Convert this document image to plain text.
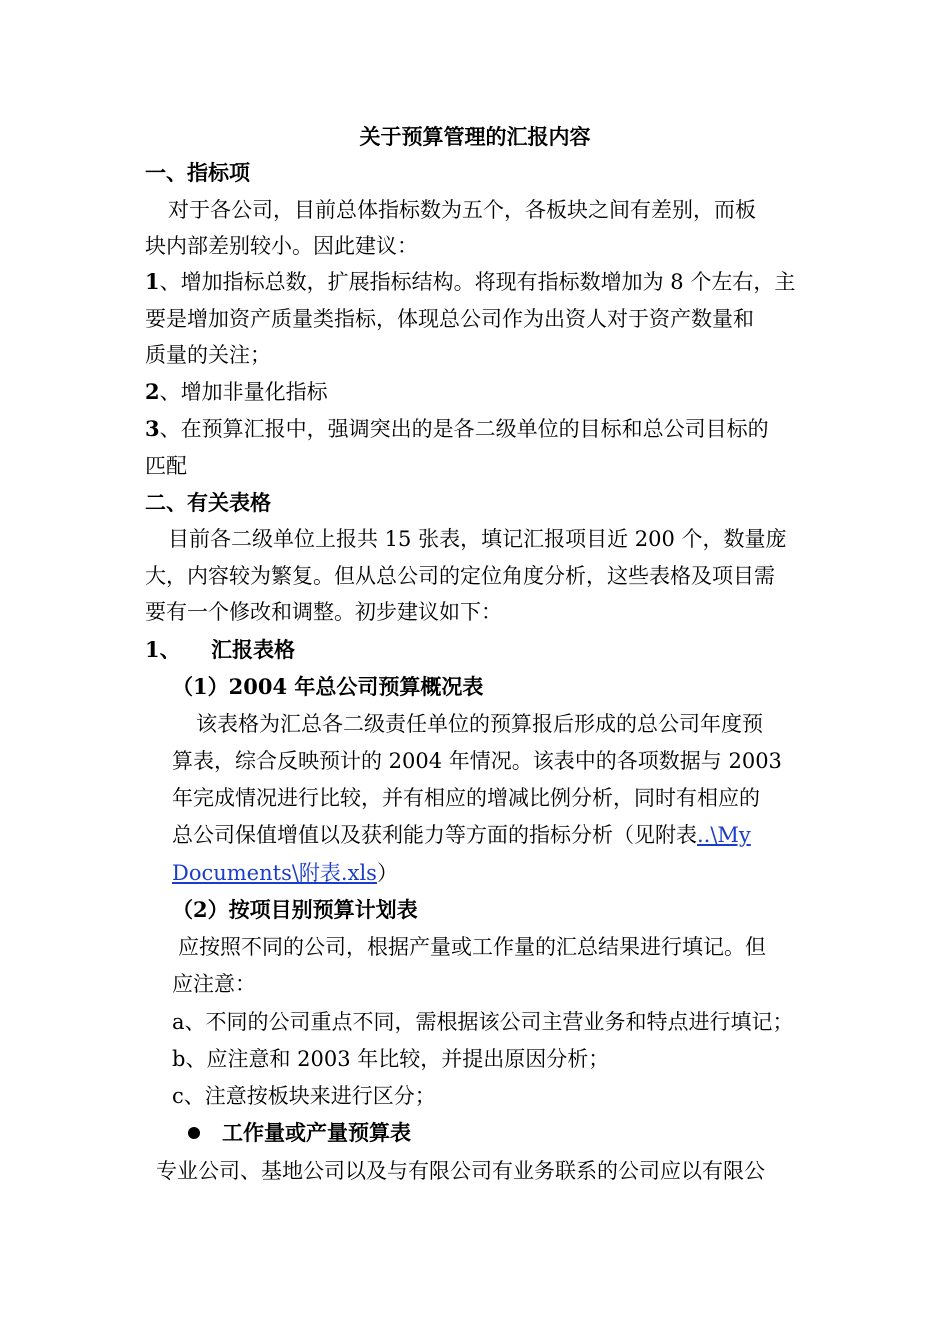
关于预算管理的汇报内容
一、指标项
对于各公司，目前总体指标数为五个，各板块之间有差别，而板
块内部差别较小。因此建议：
1、增加指标总数，扩展指标结构。将现有指标数增加为 8 个左右，主
要是增加资产质量类指标，体现总公司作为出资人对于资产数量和
质量的关注；
2、增加非量化指标
3、在预算汇报中，强调突出的是各二级单位的目标和总公司目标的
匹配
二、有关表格
目前各二级单位上报共 15 张表，填记汇报项目近 200 个，数量庞
大，内容较为繁复。但从总公司的定位角度分析，这些表格及项目需
要有一个修改和调整。初步建议如下：
1、 汇报表格
（1）2004 年总公司预算概况表
该表格为汇总各二级责任单位的预算报后形成的总公司年度预
算表，综合反映预计的 2004 年情况。该表中的各项数据与 2003
年完成情况进行比较，并有相应的增减比例分析，同时有相应的
总公司保值增值以及获利能力等方面的指标分析（见附表..\My
Documents\附表.xls）
（2）按项目别预算计划表
应按照不同的公司，根据产量或工作量的汇总结果进行填记。但
应注意：
a、不同的公司重点不同，需根据该公司主营业务和特点进行填记；
b、应注意和 2003 年比较，并提出原因分析；
c、注意按板块来进行区分；
工作量或产量预算表
专业公司、基地公司以及与有限公司有业务联系的公司应以有限公
